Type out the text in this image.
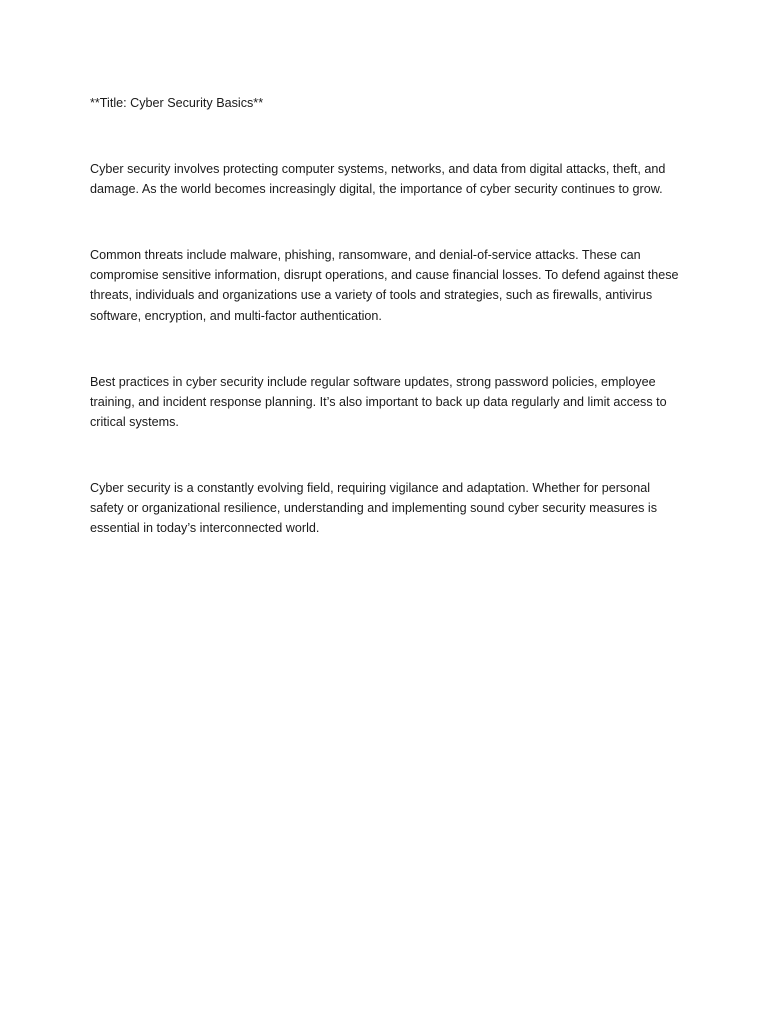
**Title: Cyber Security Basics**

Cyber security involves protecting computer systems, networks, and data from digital attacks, theft, and damage. As the world becomes increasingly digital, the importance of cyber security continues to grow.

Common threats include malware, phishing, ransomware, and denial-of-service attacks. These can compromise sensitive information, disrupt operations, and cause financial losses. To defend against these threats, individuals and organizations use a variety of tools and strategies, such as firewalls, antivirus software, encryption, and multi-factor authentication.

Best practices in cyber security include regular software updates, strong password policies, employee training, and incident response planning. It’s also important to back up data regularly and limit access to critical systems.

Cyber security is a constantly evolving field, requiring vigilance and adaptation. Whether for personal safety or organizational resilience, understanding and implementing sound cyber security measures is essential in today’s interconnected world.
